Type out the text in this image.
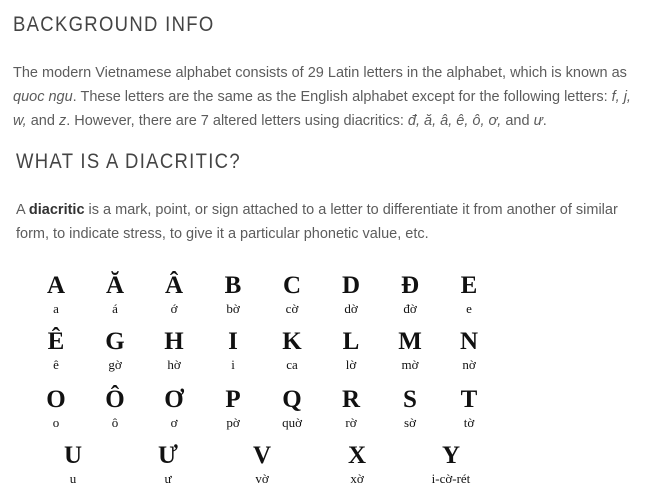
BACKGROUND INFO

The modern Vietnamese alphabet consists of 29 Latin letters in the alphabet, which is known as quoc ngu. These letters are the same as the English alphabet except for the following letters: f, j, w, and z. However, there are 7 altered letters using diacritics: đ, ă, â, ê, ô, ơ, and ư.

WHAT IS A DIACRITIC?

A diacritic is a mark, point, or sign attached to a letter to differentiate it from another of similar form, to indicate stress, to give it a particular phonetic value, etc.

A
a
Ă
á
Â
ớ
B
bờ
C
cờ
D
dờ
Đ
đờ
E
e
Ê
ê
G
gờ
H
hờ
I
i
K
ca
L
lờ
M
mờ
N
nờ
O
o
Ô
ô
Ơ
ơ
P
pờ
Q
quờ
R
rờ
S
sờ
T
tờ
U
u
Ư
ư
V
vờ
X
xờ
Y
i-cờ-rét
